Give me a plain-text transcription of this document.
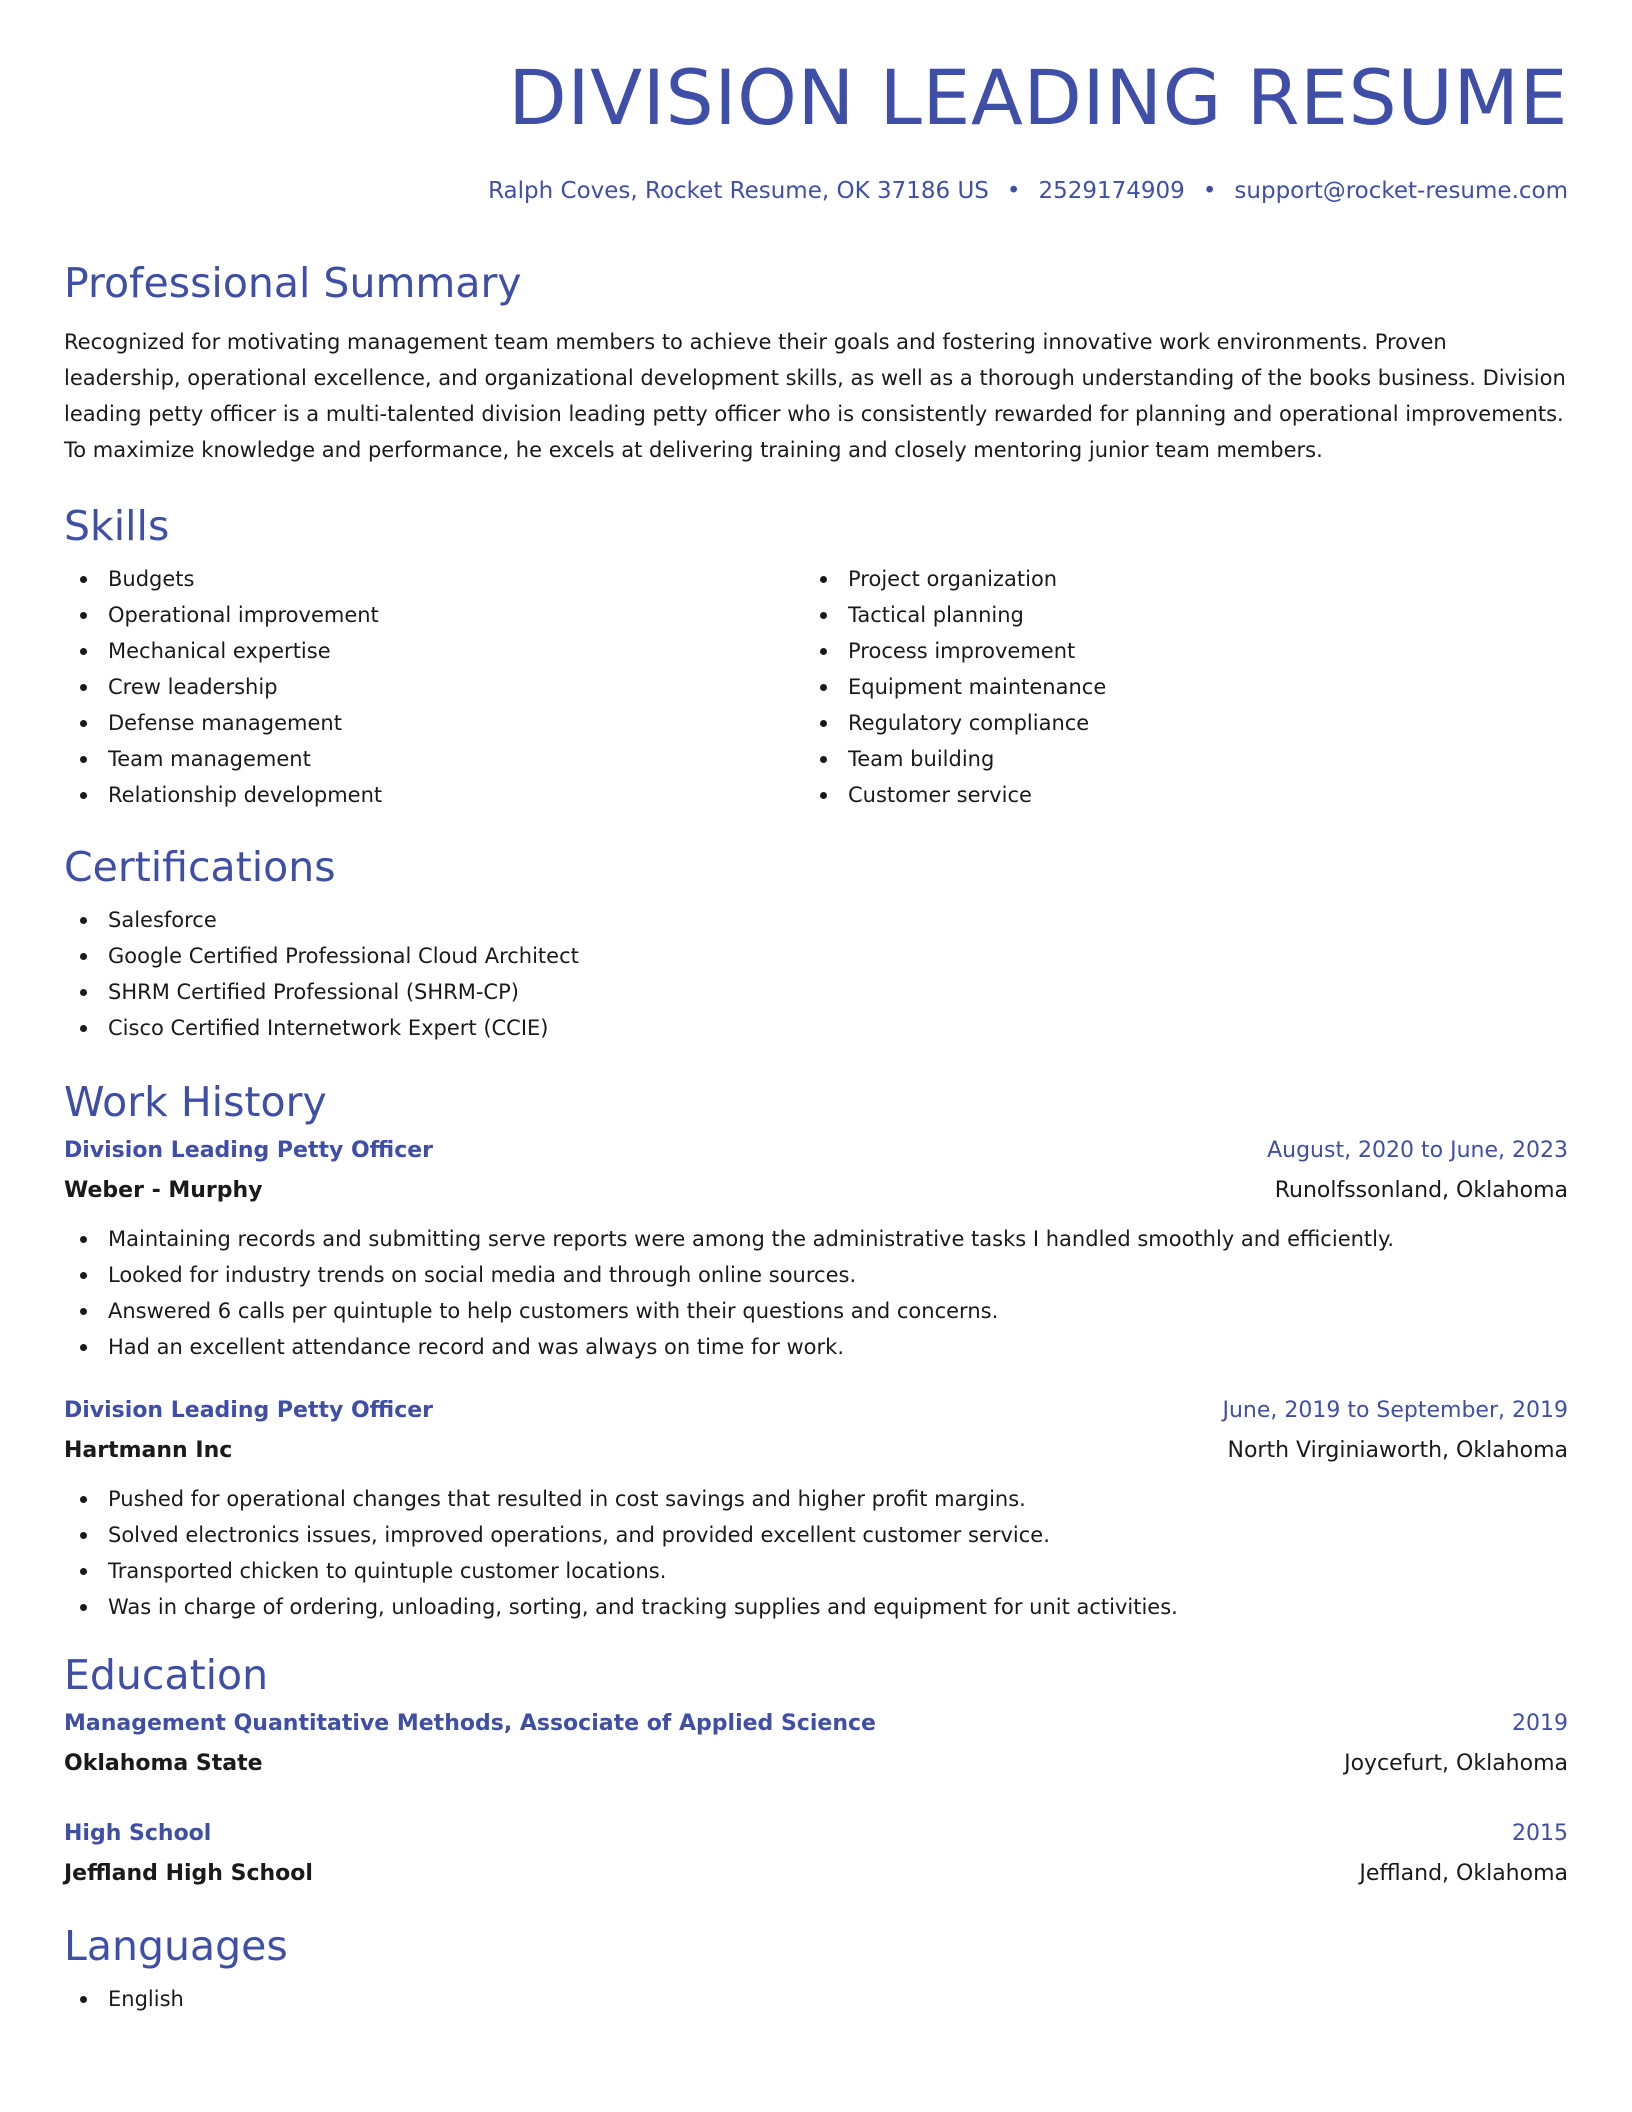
DIVISION LEADING RESUME

Ralph Coves, Rocket Resume, OK 37186 US • 2529174909 • support@rocket-resume.com

Professional Summary

Recognized for motivating management team members to achieve their goals and fostering innovative work environments. Proven leadership, operational excellence, and organizational development skills, as well as a thorough understanding of the books business. Division leading petty officer is a multi-talented division leading petty officer who is consistently rewarded for planning and operational improvements. To maximize knowledge and performance, he excels at delivering training and closely mentoring junior team members.

Skills
Budgets
Operational improvement
Mechanical expertise
Crew leadership
Defense management
Team management
Relationship development
Project organization
Tactical planning
Process improvement
Equipment maintenance
Regulatory compliance
Team building
Customer service
Certifications
Salesforce
Google Certified Professional Cloud Architect
SHRM Certified Professional (SHRM-CP)
Cisco Certified Internetwork Expert (CCIE)
Work History
Division Leading Petty Officer	August, 2020 to June, 2023
Weber - Murphy	Runolfssonland, Oklahoma
Maintaining records and submitting serve reports were among the administrative tasks I handled smoothly and efficiently.
Looked for industry trends on social media and through online sources.
Answered 6 calls per quintuple to help customers with their questions and concerns.
Had an excellent attendance record and was always on time for work.
Division Leading Petty Officer	June, 2019 to September, 2019
Hartmann Inc	North Virginiaworth, Oklahoma
Pushed for operational changes that resulted in cost savings and higher profit margins.
Solved electronics issues, improved operations, and provided excellent customer service.
Transported chicken to quintuple customer locations.
Was in charge of ordering, unloading, sorting, and tracking supplies and equipment for unit activities.
Education
Management Quantitative Methods, Associate of Applied Science	2019
Oklahoma State	Joycefurt, Oklahoma
High School	2015
Jeffland High School	Jeffland, Oklahoma
Languages
English
